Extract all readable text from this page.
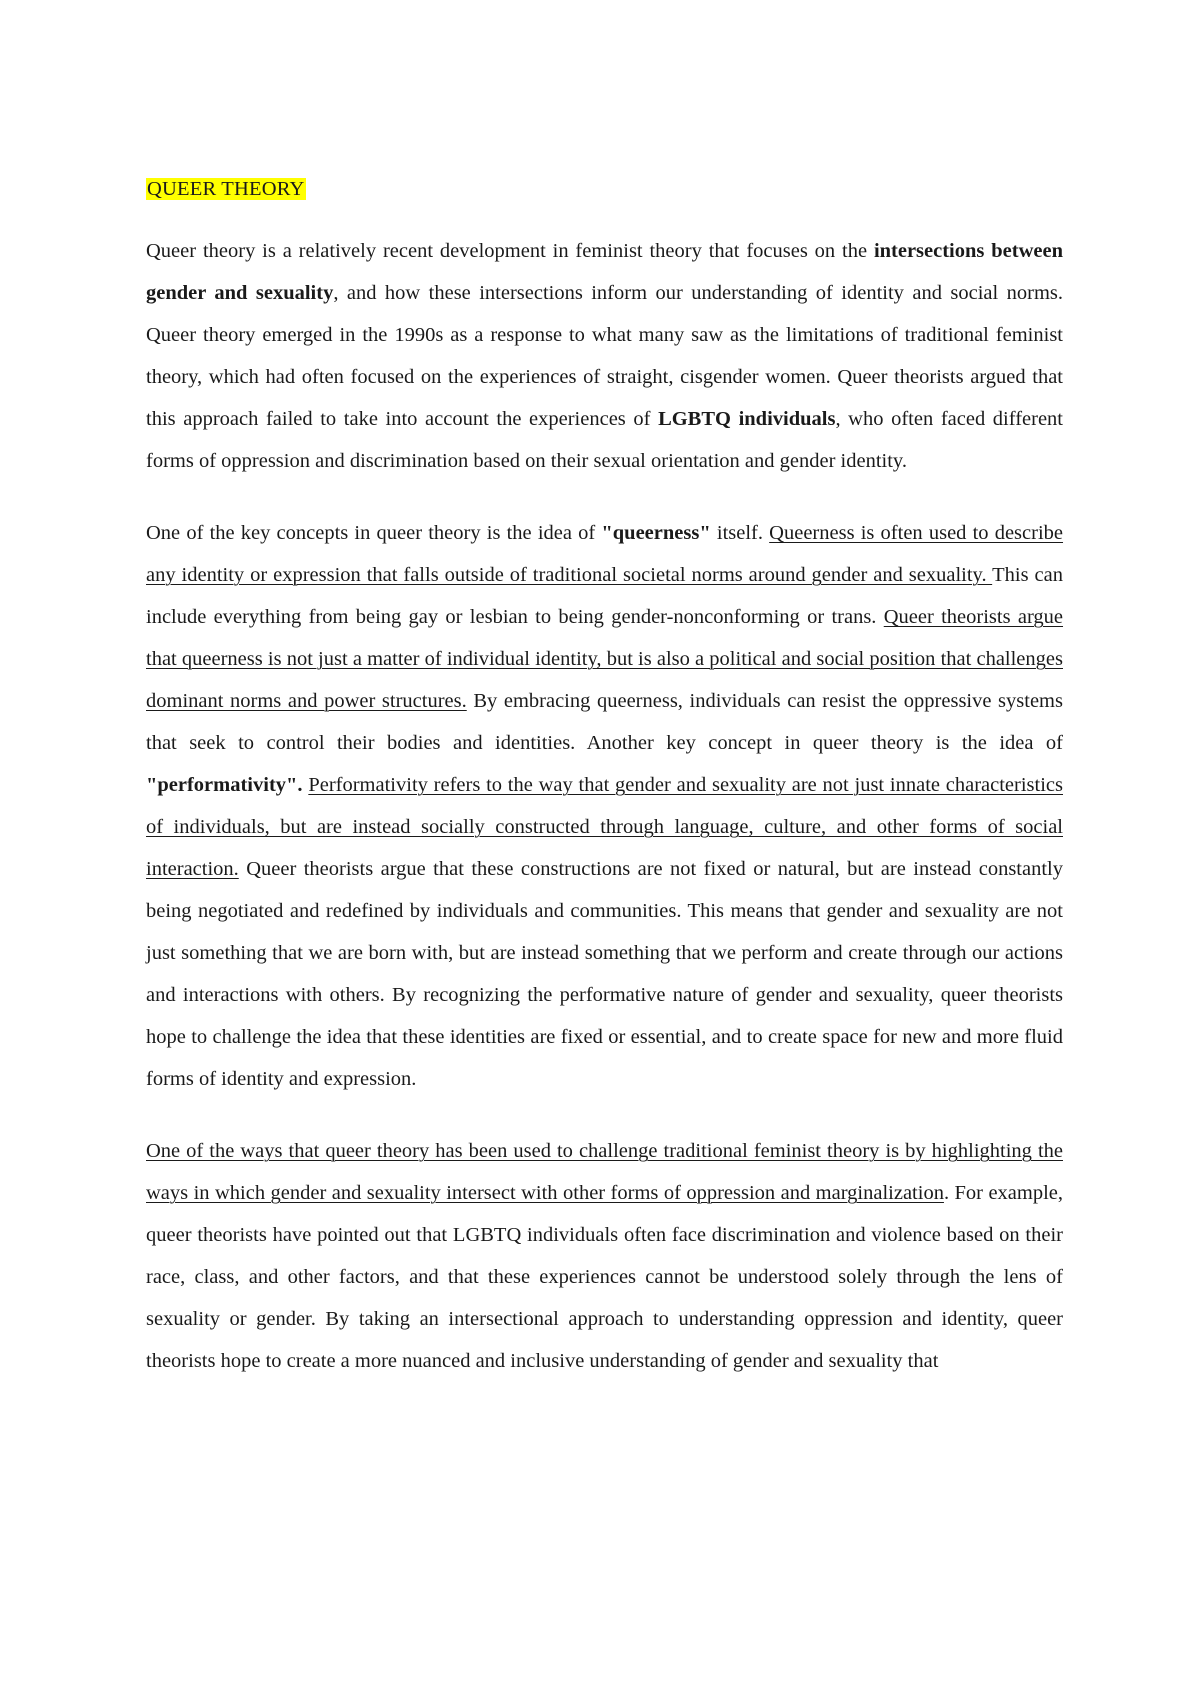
QUEER THEORY

Queer theory is a relatively recent development in feminist theory that focuses on the intersections between gender and sexuality, and how these intersections inform our understanding of identity and social norms. Queer theory emerged in the 1990s as a response to what many saw as the limitations of traditional feminist theory, which had often focused on the experiences of straight, cisgender women. Queer theorists argued that this approach failed to take into account the experiences of LGBTQ individuals, who often faced different forms of oppression and discrimination based on their sexual orientation and gender identity.

One of the key concepts in queer theory is the idea of "queerness" itself. Queerness is often used to describe any identity or expression that falls outside of traditional societal norms around gender and sexuality. This can include everything from being gay or lesbian to being gender-nonconforming or trans. Queer theorists argue that queerness is not just a matter of individual identity, but is also a political and social position that challenges dominant norms and power structures. By embracing queerness, individuals can resist the oppressive systems that seek to control their bodies and identities. Another key concept in queer theory is the idea of "performativity". Performativity refers to the way that gender and sexuality are not just innate characteristics of individuals, but are instead socially constructed through language, culture, and other forms of social interaction. Queer theorists argue that these constructions are not fixed or natural, but are instead constantly being negotiated and redefined by individuals and communities. This means that gender and sexuality are not just something that we are born with, but are instead something that we perform and create through our actions and interactions with others. By recognizing the performative nature of gender and sexuality, queer theorists hope to challenge the idea that these identities are fixed or essential, and to create space for new and more fluid forms of identity and expression.

One of the ways that queer theory has been used to challenge traditional feminist theory is by highlighting the ways in which gender and sexuality intersect with other forms of oppression and marginalization. For example, queer theorists have pointed out that LGBTQ individuals often face discrimination and violence based on their race, class, and other factors, and that these experiences cannot be understood solely through the lens of sexuality or gender. By taking an intersectional approach to understanding oppression and identity, queer theorists hope to create a more nuanced and inclusive understanding of gender and sexuality that
